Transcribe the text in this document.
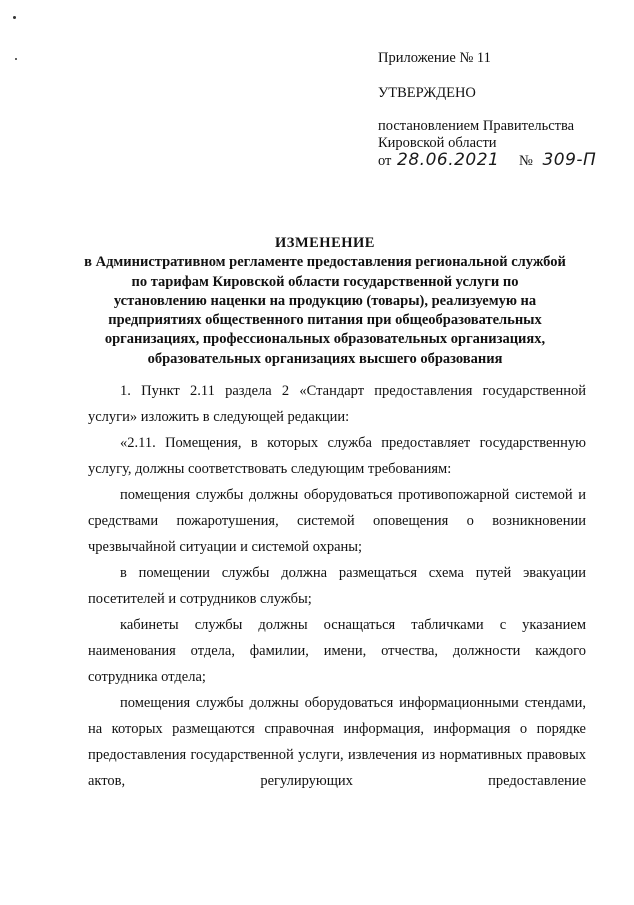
Приложение № 11
УТВЕРЖДЕНО
постановлением Правительства
Кировской области
от 28.06.2021 № 309-П
ИЗМЕНЕНИЕ
в Административном регламенте предоставления региональной службой
по тарифам Кировской области государственной услуги по
установлению наценки на продукцию (товары), реализуемую на
предприятиях общественного питания при общеобразовательных
организациях, профессиональных образовательных организациях,
образовательных организациях высшего образования

1. Пункт 2.11 раздела 2 «Стандарт предоставления государственной услуги» изложить в следующей редакции:

«2.11. Помещения, в которых служба предоставляет государственную услугу, должны соответствовать следующим требованиям:

помещения службы должны оборудоваться противопожарной системой и средствами пожаротушения, системой оповещения о возникновении чрезвычайной ситуации и системой охраны;

в помещении службы должна размещаться схема путей эвакуации посетителей и сотрудников службы;

кабинеты службы должны оснащаться табличками с указанием наименования отдела, фамилии, имени, отчества, должности каждого сотрудника отдела;

помещения службы должны оборудоваться информационными стендами, на которых размещаются справочная информация, информация о порядке предоставления государственной услуги, извлечения из нормативных правовых актов, регулирующих предоставление
